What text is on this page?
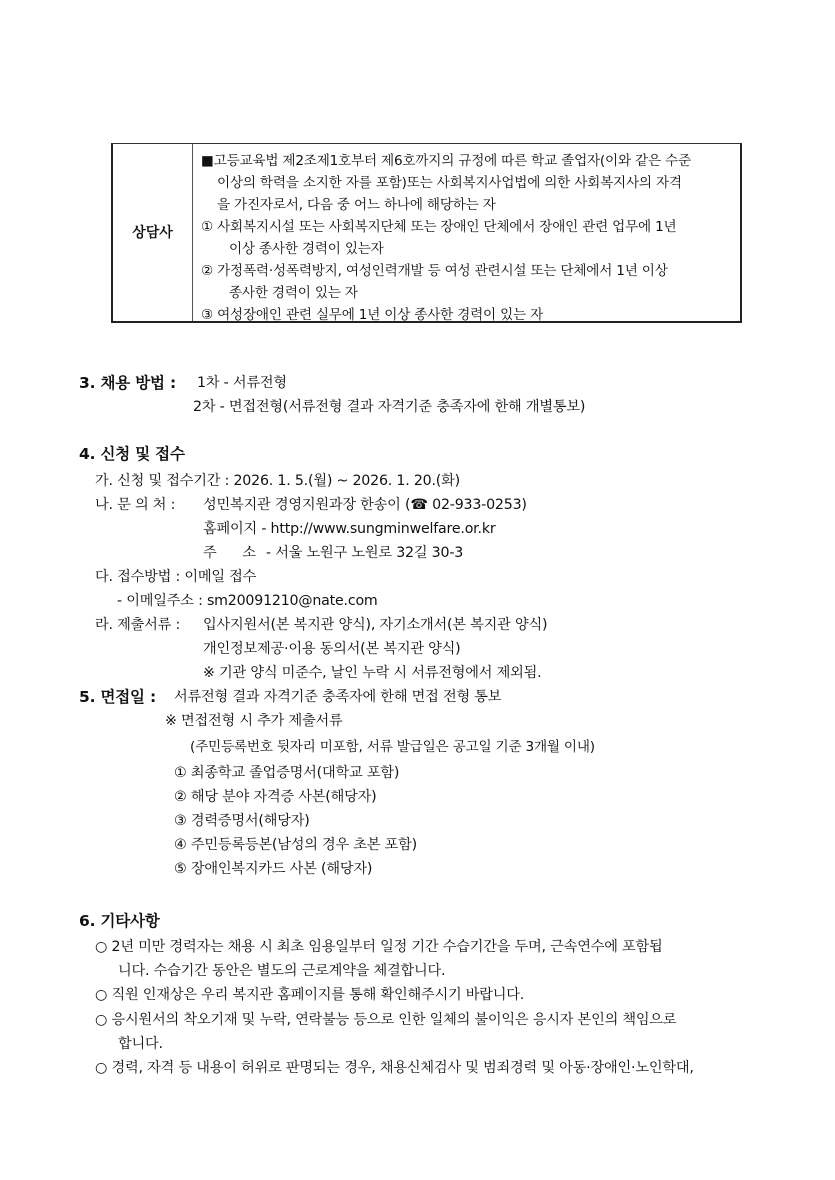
상담사
■고등교육법 제2조제1호부터 제6호까지의 규정에 따른 학교 졸업자(이와 같은 수준
이상의 학력을 소지한 자를 포함)또는 사회복지사업법에 의한 사회복지사의 자격
을 가진자로서, 다음 중 어느 하나에 해당하는 자
① 사회복지시설 또는 사회복지단체 또는 장애인 단체에서 장애인 관련 업무에 1년
이상 종사한 경력이 있는자
② 가정폭력·성폭력방지, 여성인력개발 등 여성 관련시설 또는 단체에서 1년 이상
종사한 경력이 있는 자
③ 여성장애인 관련 실무에 1년 이상 종사한 경력이 있는 자
3. 채용 방법 : 1차 - 서류전형
2차 - 면접전형(서류전형 결과 자격기준 충족자에 한해 개별통보)
4. 신청 및 접수
가. 신청 및 접수기간 : 2026. 1. 5.(월) ~ 2026. 1. 20.(화)
나. 문 의 처 : 성민복지관 경영지원과장 한송이 (☎ 02-933-0253)
홈페이지 - http://www.sungminwelfare.or.kr
주      소 - 서울 노원구 노원로 32길 30-3
다. 접수방법 : 이메일 접수
- 이메일주소 : sm20091210@nate.com
라. 제출서류 : 입사지원서(본 복지관 양식), 자기소개서(본 복지관 양식)
개인정보제공·이용 동의서(본 복지관 양식)
※ 기관 양식 미준수, 날인 누락 시 서류전형에서 제외됨.
5. 면접일 : 서류전형 결과 자격기준 충족자에 한해 면접 전형 통보
※ 면접전형 시 추가 제출서류
(주민등록번호 뒷자리 미포함, 서류 발급일은 공고일 기준 3개월 이내)
① 최종학교 졸업증명서(대학교 포함)
② 해당 분야 자격증 사본(해당자)
③ 경력증명서(해당자)
④ 주민등록등본(남성의 경우 초본 포함)
⑤ 장애인복지카드 사본 (해당자)
6. 기타사항
○ 2년 미만 경력자는 채용 시 최초 임용일부터 일정 기간 수습기간을 두며, 근속연수에 포함됩
니다. 수습기간 동안은 별도의 근로계약을 체결합니다.
○ 직원 인재상은 우리 복지관 홈페이지를 통해 확인해주시기 바랍니다.
○ 응시원서의 착오기재 및 누락, 연락불능 등으로 인한 일체의 불이익은 응시자 본인의 책임으로
합니다.
○ 경력, 자격 등 내용이 허위로 판명되는 경우, 채용신체검사 및 범죄경력 및 아동·장애인·노인학대,
